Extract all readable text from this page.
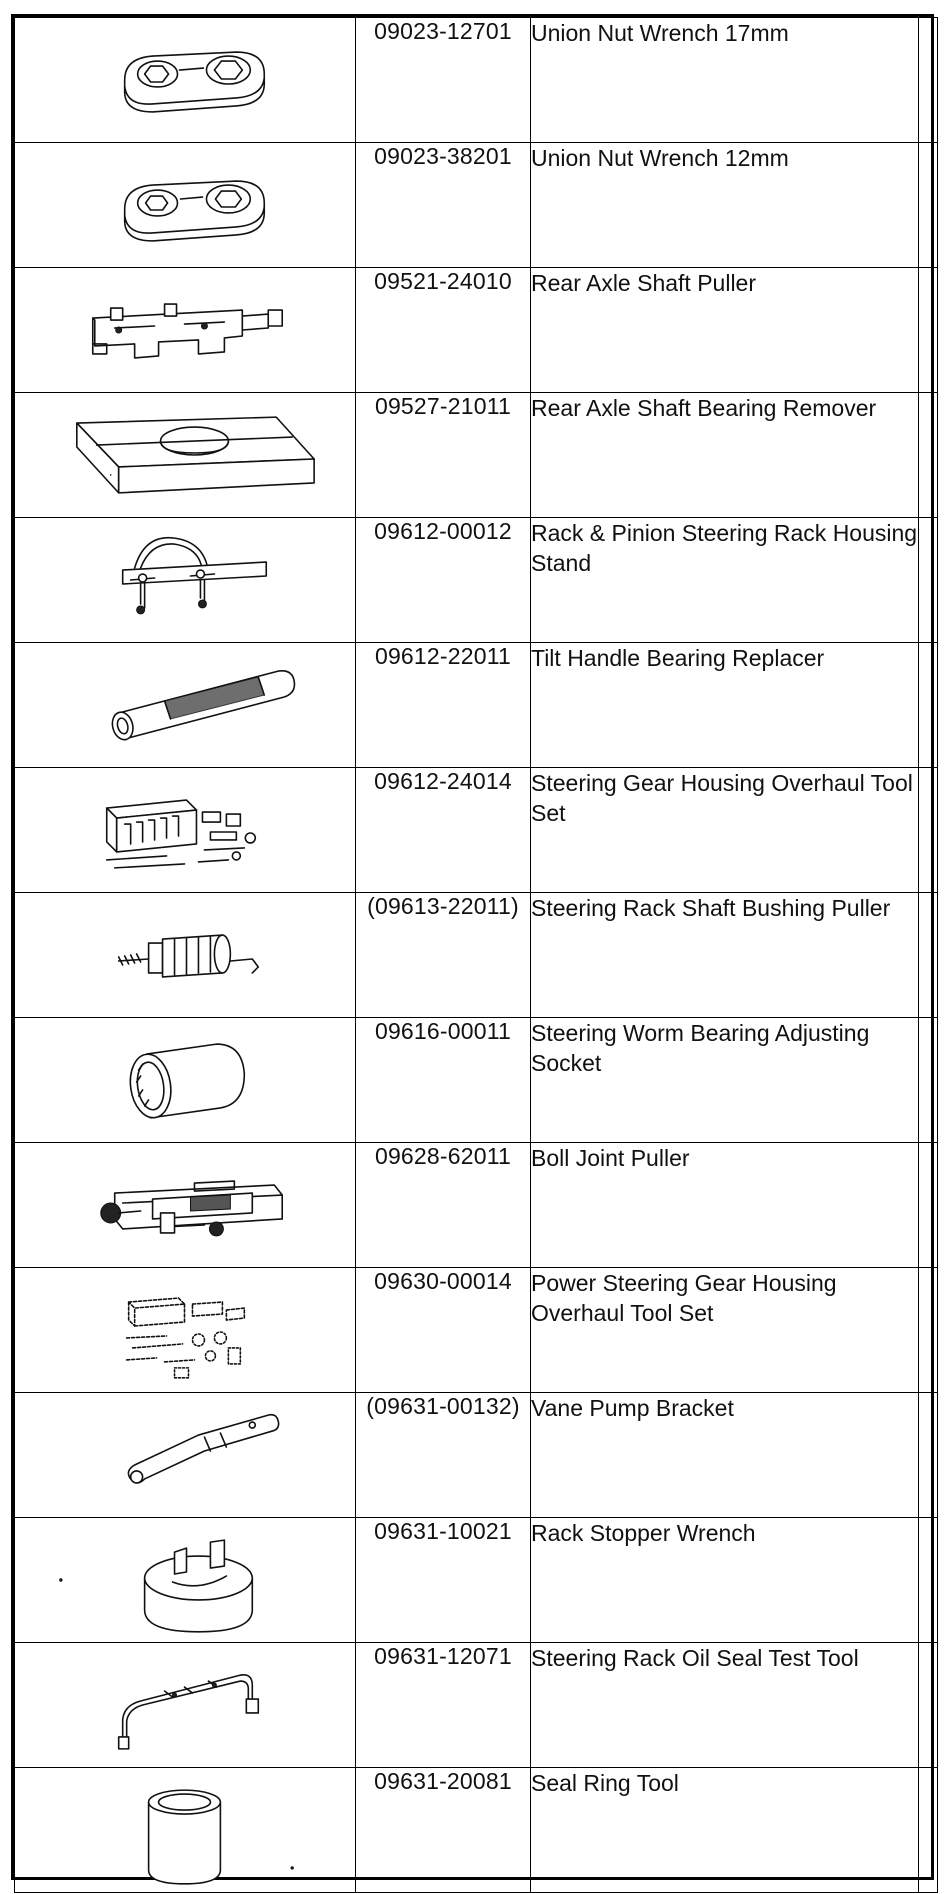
	09023-12701	Union Nut Wrench 17mm	

	09023-38201	Union Nut Wrench 12mm	

	09521-24010	Rear Axle Shaft Puller	

	09527-21011	Rear Axle Shaft Bearing Remover	

	09612-00012	Rack & Pinion Steering Rack Housing Stand	

	09612-22011	Tilt Handle Bearing Replacer	

	09612-24014	Steering Gear Housing Overhaul Tool Set	

	(09613-22011)	Steering Rack Shaft Bushing Puller	

	09616-00011	Steering Worm Bearing Adjusting Socket	

	09628-62011	Boll Joint Puller	

	09630-00014	Power Steering Gear Housing Overhaul Tool Set	

	(09631-00132)	Vane Pump Bracket	

	09631-10021	Rack Stopper Wrench	

	09631-12071	Steering Rack Oil Seal Test Tool	

	09631-20081	Seal Ring Tool	
